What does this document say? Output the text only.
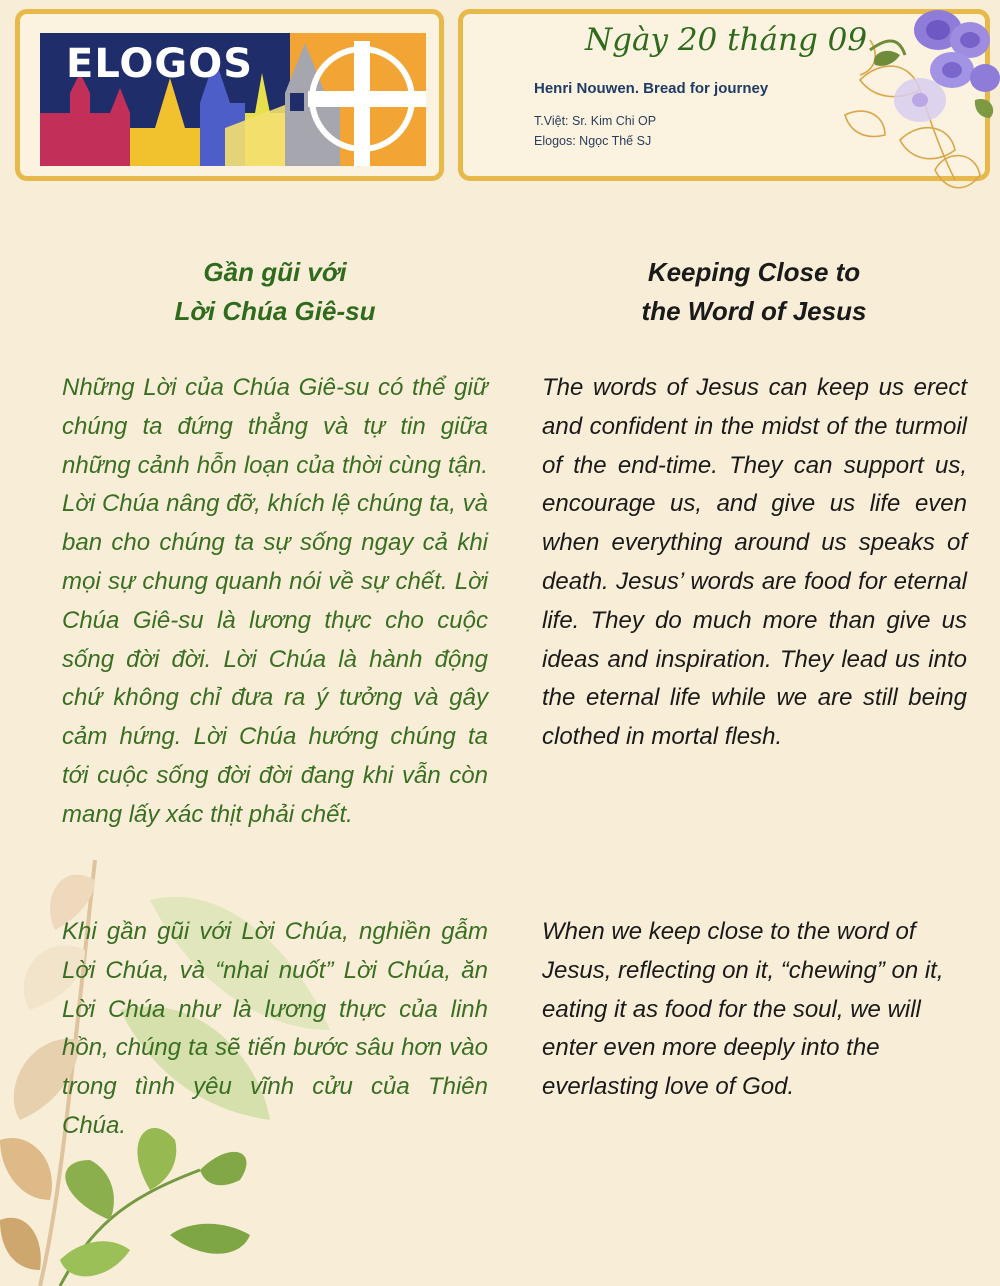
ELOGOS
Ngày 20 tháng 09
Henri Nouwen. Bread for journey
T.Việt: Sr. Kim Chi OP
Elogos: Ngọc Thế SJ
Gần gũi với
Lời Chúa Giê-su
Keeping Close to
the Word of Jesus

Những Lời của Chúa Giê-su có thể giữ chúng ta đứng thẳng và tự tin giữa những cảnh hỗn loạn của thời cùng tận. Lời Chúa nâng đỡ, khích lệ chúng ta, và ban cho chúng ta sự sống ngay cả khi mọi sự chung quanh nói về sự chết. Lời Chúa Giê-su là lương thực cho cuộc sống đời đời. Lời Chúa là hành động chứ không chỉ đưa ra ý tưởng và gây cảm hứng. Lời Chúa hướng chúng ta tới cuộc sống đời đời đang khi vẫn còn mang lấy xác thịt phải chết.

Khi gần gũi với Lời Chúa, nghiền gẫm Lời Chúa, và “nhai nuốt” Lời Chúa, ăn Lời Chúa như là lương thực của linh hồn, chúng ta sẽ tiến bước sâu hơn vào trong tình yêu vĩnh cửu của Thiên Chúa.

The words of Jesus can keep us erect and confident in the midst of the turmoil of the end-time. They can support us, encourage us, and give us life even when everything around us speaks of death. Jesus’ words are food for eternal life. They do much more than give us ideas and inspiration. They lead us into the eternal life while we are still being clothed in mortal flesh.

When we keep close to the word of Jesus, reflecting on it, “chewing” on it, eating it as food for the soul, we will enter even more deeply into the everlasting love of God.
